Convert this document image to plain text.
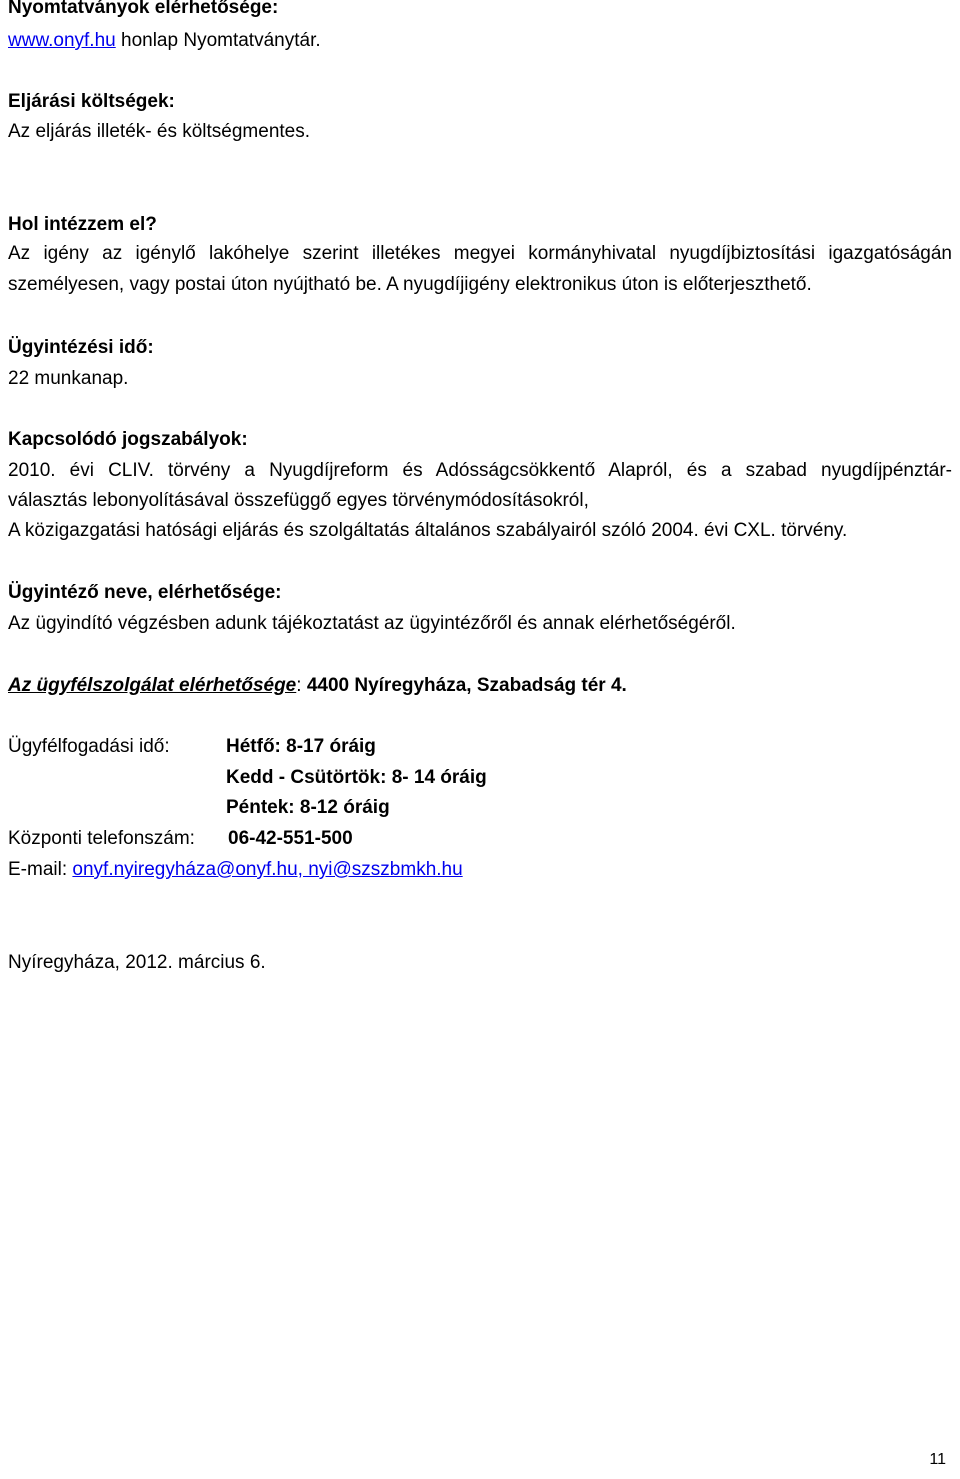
Nyomtatványok elérhetősége:
www.onyf.hu honlap Nyomtatványtár.
Eljárási költségek:
Az eljárás illeték- és költségmentes.
Hol intézzem el?
Az igény az igénylő lakóhelye szerint illetékes megyei kormányhivatal nyugdíjbiztosítási igazgatóságán
személyesen, vagy postai úton nyújtható be. A nyugdíjigény elektronikus úton is előterjeszthető.
Ügyintézési idő:
22 munkanap.
Kapcsolódó jogszabályok:
2010. évi CLIV. törvény a Nyugdíjreform és Adósságcsökkentő Alapról, és a szabad nyugdíjpénztár-
választás lebonyolításával összefüggő egyes törvénymódosításokról,
A közigazgatási hatósági eljárás és szolgáltatás általános szabályairól szóló 2004. évi CXL. törvény.
Ügyintéző neve, elérhetősége:
Az ügyindító végzésben adunk tájékoztatást az ügyintézőről és annak elérhetőségéről.
Az ügyfélszolgálat elérhetősége: 4400 Nyíregyháza, Szabadság tér 4.
Ügyfélfogadási idő:	Hétfő: 8-17 óráig
Kedd - Csütörtök: 8- 14 óráig
Péntek: 8-12 óráig
Központi telefonszám: 06-42-551-500
E-mail: onyf.nyiregyháza@onyf.hu, nyi@szszbmkh.hu
Nyíregyháza, 2012. március 6.
11
